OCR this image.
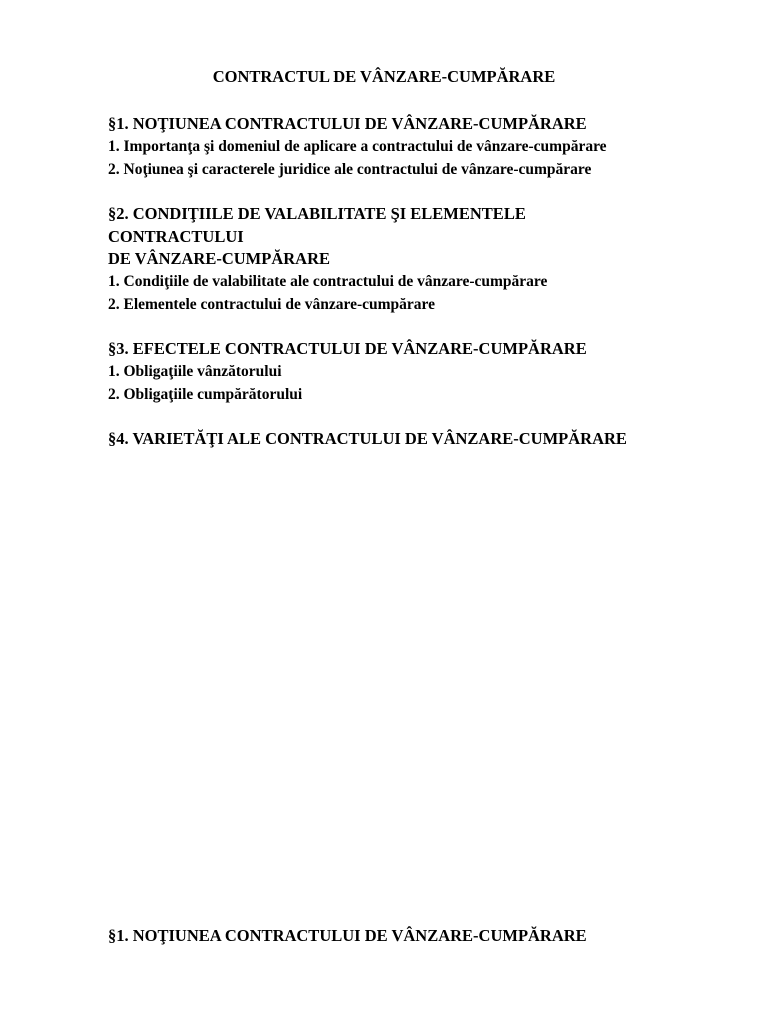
CONTRACTUL DE VÂNZARE-CUMPĂRARE
§1. NOŢIUNEA CONTRACTULUI DE VÂNZARE-CUMPĂRARE
1. Importanţa şi domeniul de aplicare a contractului de vânzare-cumpărare
2. Noţiunea şi caracterele juridice ale contractului de vânzare-cumpărare
§2. CONDIŢIILE DE VALABILITATE ŞI ELEMENTELE
CONTRACTULUI
DE VÂNZARE-CUMPĂRARE
1. Condiţiile de valabilitate ale contractului de vânzare-cumpărare
2. Elementele contractului de vânzare-cumpărare
§3. EFECTELE CONTRACTULUI DE VÂNZARE-CUMPĂRARE
1. Obligaţiile vânzătorului
2. Obligaţiile cumpărătorului
§4. VARIETĂŢI ALE CONTRACTULUI DE VÂNZARE-CUMPĂRARE
§1. NOŢIUNEA CONTRACTULUI DE VÂNZARE-CUMPĂRARE
